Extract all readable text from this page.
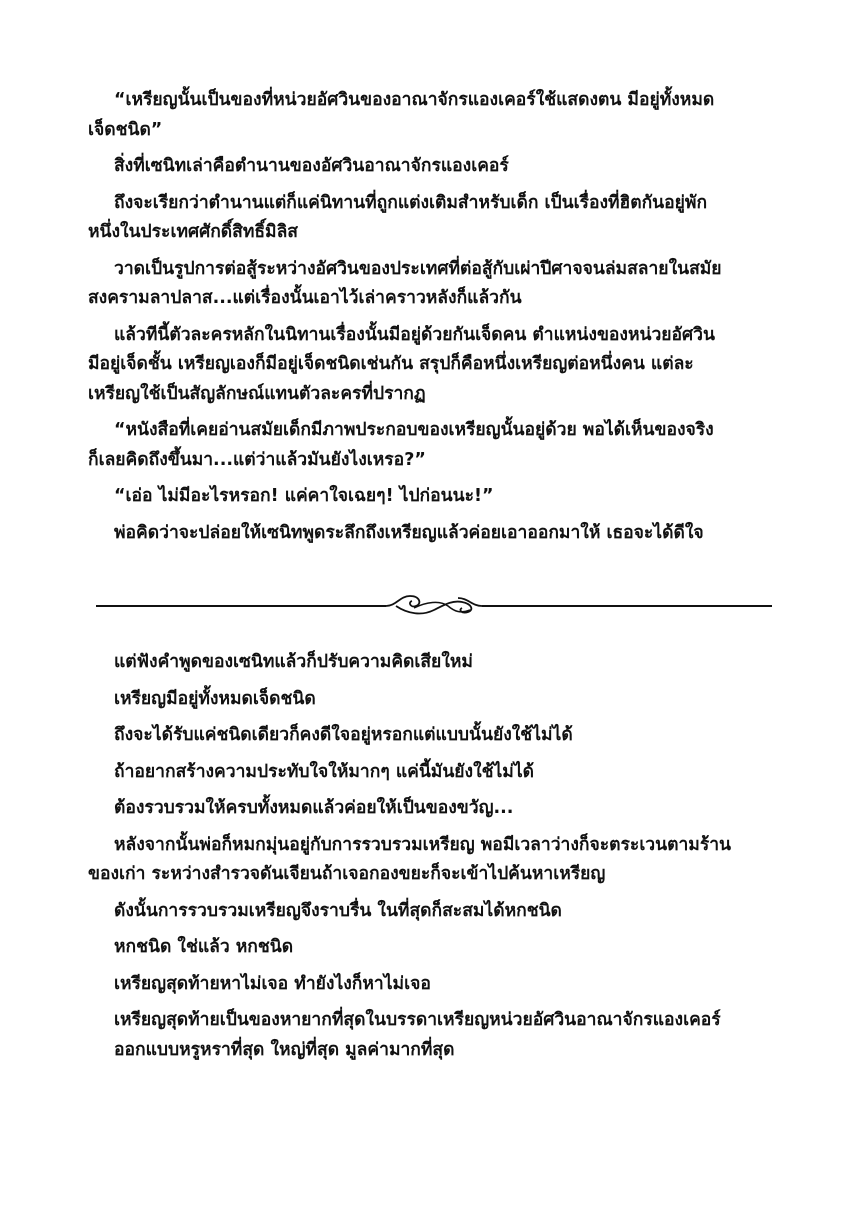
“เหรียญนั้นเป็นของที่หน่วยอัศวินของอาณาจักรแองเคอร์ใช้แสดงตน มีอยู่ทั้งหมด
เจ็ดชนิด”

สิ่งที่เซนิทเล่าคือตำนานของอัศวินอาณาจักรแองเคอร์

ถึงจะเรียกว่าตำนานแต่ก็แค่นิทานที่ถูกแต่งเติมสำหรับเด็ก เป็นเรื่องที่ฮิตกันอยู่พัก
หนึ่งในประเทศศักดิ์สิทธิ์มิลิส

วาดเป็นรูปการต่อสู้ระหว่างอัศวินของประเทศที่ต่อสู้กับเผ่าปีศาจจนล่มสลายในสมัย
สงครามลาปลาส...แต่เรื่องนั้นเอาไว้เล่าคราวหลังก็แล้วกัน

แล้วทีนี้ตัวละครหลักในนิทานเรื่องนั้นมีอยู่ด้วยกันเจ็ดคน ตำแหน่งของหน่วยอัศวิน
มีอยู่เจ็ดชั้น เหรียญเองก็มีอยู่เจ็ดชนิดเช่นกัน สรุปก็คือหนึ่งเหรียญต่อหนึ่งคน แต่ละ
เหรียญใช้เป็นสัญลักษณ์แทนตัวละครที่ปรากฏ

“หนังสือที่เคยอ่านสมัยเด็กมีภาพประกอบของเหรียญนั้นอยู่ด้วย พอได้เห็นของจริง
ก็เลยคิดถึงขึ้นมา...แต่ว่าแล้วมันยังไงเหรอ?”

“เอ่อ ไม่มีอะไรหรอก! แค่คาใจเฉยๆ! ไปก่อนนะ!”

พ่อคิดว่าจะปล่อยให้เซนิทพูดระลึกถึงเหรียญแล้วค่อยเอาออกมาให้ เธอจะได้ดีใจ

แต่ฟังคำพูดของเซนิทแล้วก็ปรับความคิดเสียใหม่

เหรียญมีอยู่ทั้งหมดเจ็ดชนิด

ถึงจะได้รับแค่ชนิดเดียวก็คงดีใจอยู่หรอกแต่แบบนั้นยังใช้ไม่ได้

ถ้าอยากสร้างความประทับใจให้มากๆ แค่นี้มันยังใช้ไม่ได้

ต้องรวบรวมให้ครบทั้งหมดแล้วค่อยให้เป็นของขวัญ...

หลังจากนั้นพ่อก็หมกมุ่นอยู่กับการรวบรวมเหรียญ พอมีเวลาว่างก็จะตระเวนตามร้าน
ของเก่า ระหว่างสำรวจดันเจียนถ้าเจอกองขยะก็จะเข้าไปค้นหาเหรียญ

ดังนั้นการรวบรวมเหรียญจึงราบรื่น ในที่สุดก็สะสมได้หกชนิด

หกชนิด ใช่แล้ว หกชนิด

เหรียญสุดท้ายหาไม่เจอ ทำยังไงก็หาไม่เจอ

เหรียญสุดท้ายเป็นของหายากที่สุดในบรรดาเหรียญหน่วยอัศวินอาณาจักรแองเคอร์
ออกแบบหรูหราที่สุด ใหญ่ที่สุด มูลค่ามากที่สุด
